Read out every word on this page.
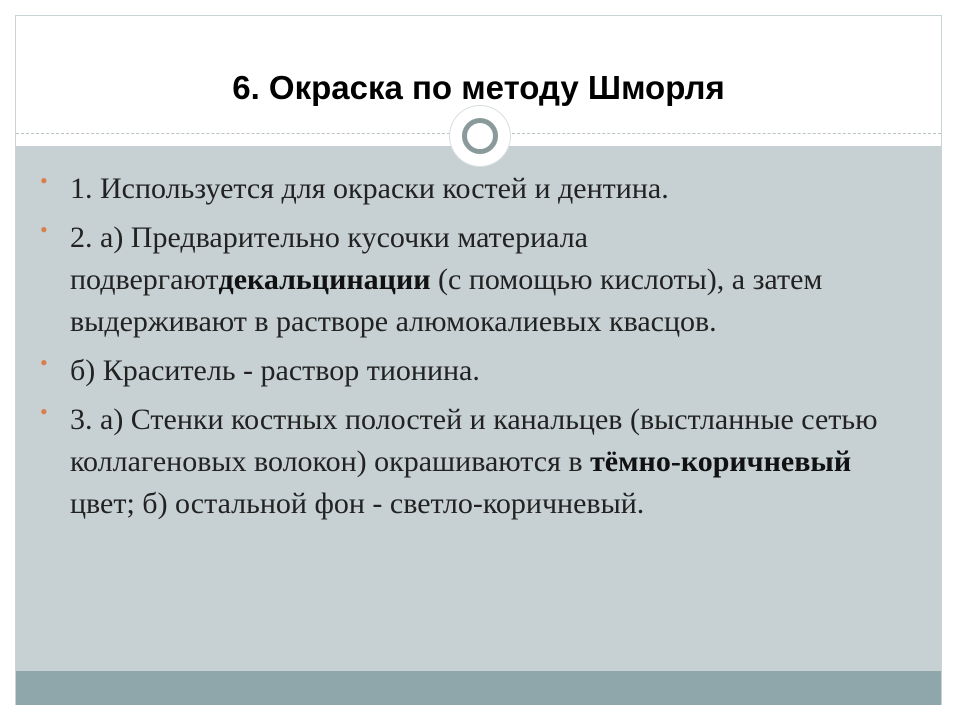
6. Окраска по методу Шморля
• 1. Используется для окраски костей и дентина.
• 2. а) Предварительно кусочки материала подвергаютдекальцинации (с помощью кислоты), а затем выдерживают в растворе алюмокалиевых квасцов.
• б) Краситель - раствор тионина.
• 3. а) Стенки костных полостей и канальцев (выстланные сетью коллагеновых волокон) окрашиваются в тёмно-коричневый цвет; б) остальной фон - светло-коричневый.
